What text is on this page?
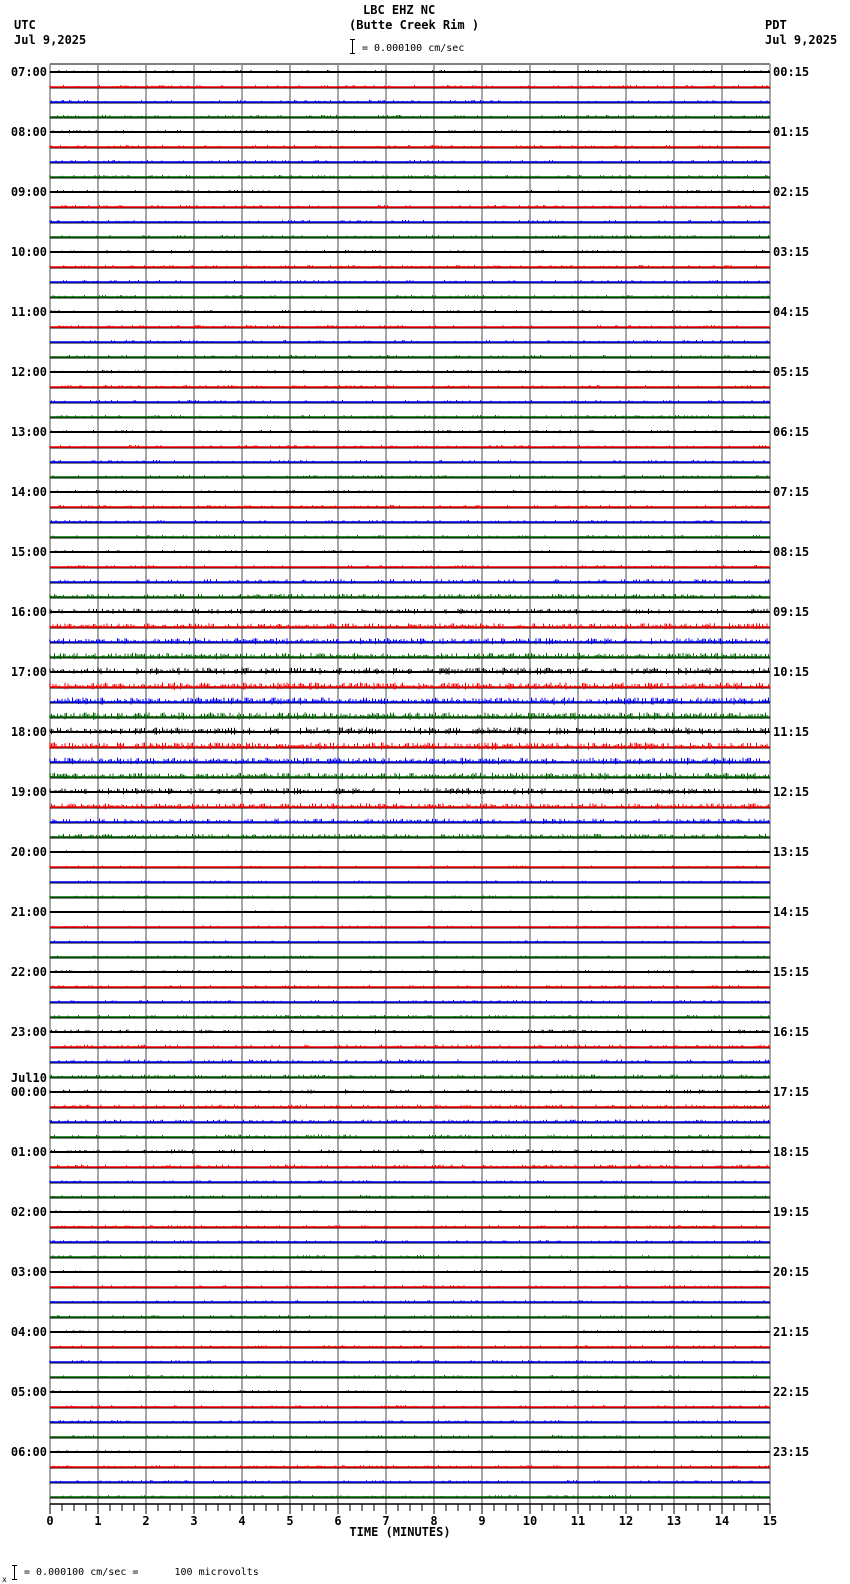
LBC EHZ NC
(Butte Creek Rim )
UTC
Jul 9,2025
PDT
Jul 9,2025
= 0.000100 cm/sec
07:00
08:00
09:00
10:00
11:00
12:00
13:00
14:00
15:00
16:00
17:00
18:00
19:00
20:00
21:00
22:00
23:00
00:00
Jul10
01:00
02:00
03:00
04:00
05:00
06:00
00:15
01:15
02:15
03:15
04:15
05:15
06:15
07:15
08:15
09:15
10:15
11:15
12:15
13:15
14:15
15:15
16:15
17:15
18:15
19:15
20:15
21:15
22:15
23:15
0	1	2	3	4	5	6	7	8	9	10	11	12	13	14	15
TIME (MINUTES)
x
= 0.000100 cm/sec =      100 microvolts
